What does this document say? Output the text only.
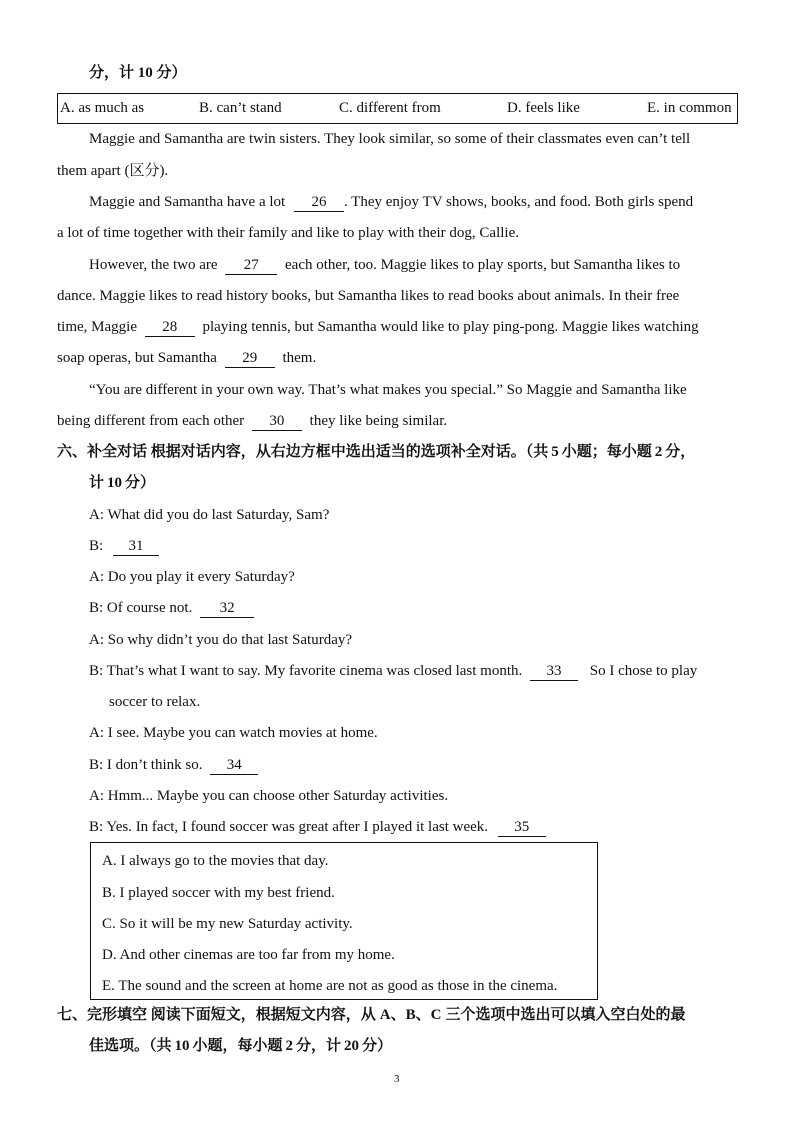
分，计 10 分）
A. as much as	B. can’t stand	C. different from	D. feels like	E. in common
Maggie and Samantha are twin sisters. They look similar, so some of their classmates even can’t tell
them apart (区分).
Maggie and Samantha have a lot 26 . They enjoy TV shows, books, and food. Both girls spend
a lot of time together with their family and like to play with their dog, Callie.
However, the two are 27 each other, too. Maggie likes to play sports, but Samantha likes to
dance. Maggie likes to read history books, but Samantha likes to read books about animals. In their free
time, Maggie 28 playing tennis, but Samantha would like to play ping-pong. Maggie likes watching
soap operas, but Samantha 29 them.
“You are different in your own way. That’s what makes you special.” So Maggie and Samantha like
being different from each other 30 they like being similar.
六、补全对话 根据对话内容，从右边方框中选出适当的选项补全对话。（共 5 小题；每小题 2 分，
计 10 分）
A: What did you do last Saturday, Sam?
B: 31
A: Do you play it every Saturday?
B: Of course not. 32
A: So why didn’t you do that last Saturday?
B: That’s what I want to say. My favorite cinema was closed last month. 33 So I chose to play
soccer to relax.
A: I see. Maybe you can watch movies at home.
B: I don’t think so. 34
A: Hmm... Maybe you can choose other Saturday activities.
B: Yes. In fact, I found soccer was great after I played it last week. 35
A. I always go to the movies that day.
B. I played soccer with my best friend.
C. So it will be my new Saturday activity.
D. And other cinemas are too far from my home.
E. The sound and the screen at home are not as good as those in the cinema.
七、完形填空 阅读下面短文，根据短文内容，从 A、B、C 三个选项中选出可以填入空白处的最
佳选项。（共 10 小题，每小题 2 分，计 20 分）
3
